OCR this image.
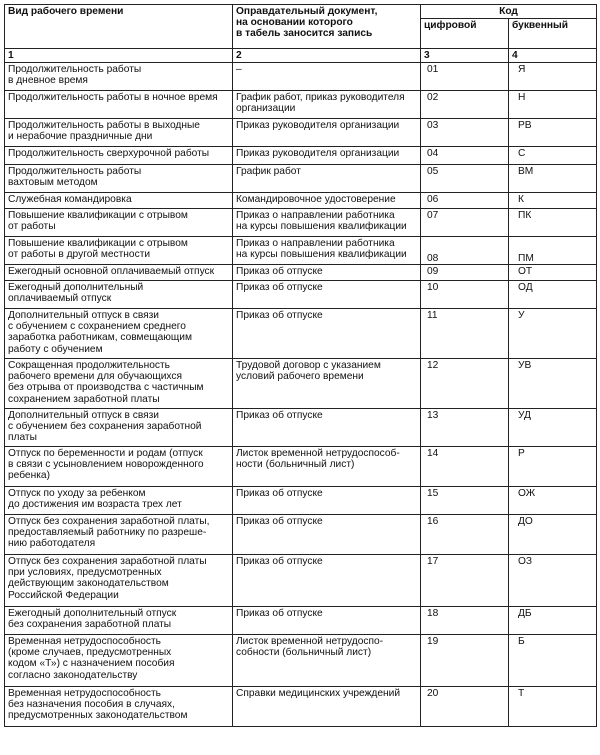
Вид рабочего времени	Оправдательный документ,
на основании которого
в табель заносится запись	Код	
		цифровой	буквенный
1	2	3	4
Продолжительность работы
в дневное время	–	01	Я
Продолжительность работы в ночное время	График работ, приказ руководителя
организации	02	Н
Продолжительность работы в выходные
и нерабочие праздничные дни	Приказ руководителя организации	03	РВ
Продолжительность сверхурочной работы	Приказ руководителя организации	04	С
Продолжительность работы
вахтовым методом	График работ	05	ВМ
Служебная командировка	Командировочное удостоверение	06	К
Повышение квалификации с отрывом
от работы	Приказ о направлении работника
на курсы повышения квалификации	07	ПК
Повышение квалификации с отрывом
от работы в другой местности	Приказ о направлении работника
на курсы повышения квалификации	08	ПМ
Ежегодный основной оплачиваемый отпуск	Приказ об отпуске	09	ОТ
Ежегодный дополнительный
оплачиваемый отпуск	Приказ об отпуске	10	ОД
Дополнительный отпуск в связи
с обучением с сохранением среднего
заработка работникам, совмещающим
работу с обучением	Приказ об отпуске	11	У
Сокращенная продолжительность
рабочего времени для обучающихся
без отрыва от производства с частичным
сохранением заработной платы	Трудовой договор с указанием
условий рабочего времени	12	УВ
Дополнительный отпуск в связи
с обучением без сохранения заработной
платы	Приказ об отпуске	13	УД
Отпуск по беременности и родам (отпуск
в связи с усыновлением новорожденного
ребенка)	Листок временной нетрудоспособ-
ности (больничный лист)	14	Р
Отпуск по уходу за ребенком
до достижения им возраста трех лет	Приказ об отпуске	15	ОЖ
Отпуск без сохранения заработной платы,
предоставляемый работнику по разреше-
нию работодателя	Приказ об отпуске	16	ДО
Отпуск без сохранения заработной платы
при условиях, предусмотренных
действующим законодательством
Российской Федерации	Приказ об отпуске	17	ОЗ
Ежегодный дополнительный отпуск
без сохранения заработной платы	Приказ об отпуске	18	ДБ
Временная нетрудоспособность
(кроме случаев, предусмотренных
кодом «Т») с назначением пособия
согласно законодательству	Листок временной нетрудоспо-
собности (больничный лист)	19	Б
Временная нетрудоспособность
без назначения пособия в случаях,
предусмотренных законодательством	Справки медицинских учреждений	20	Т
